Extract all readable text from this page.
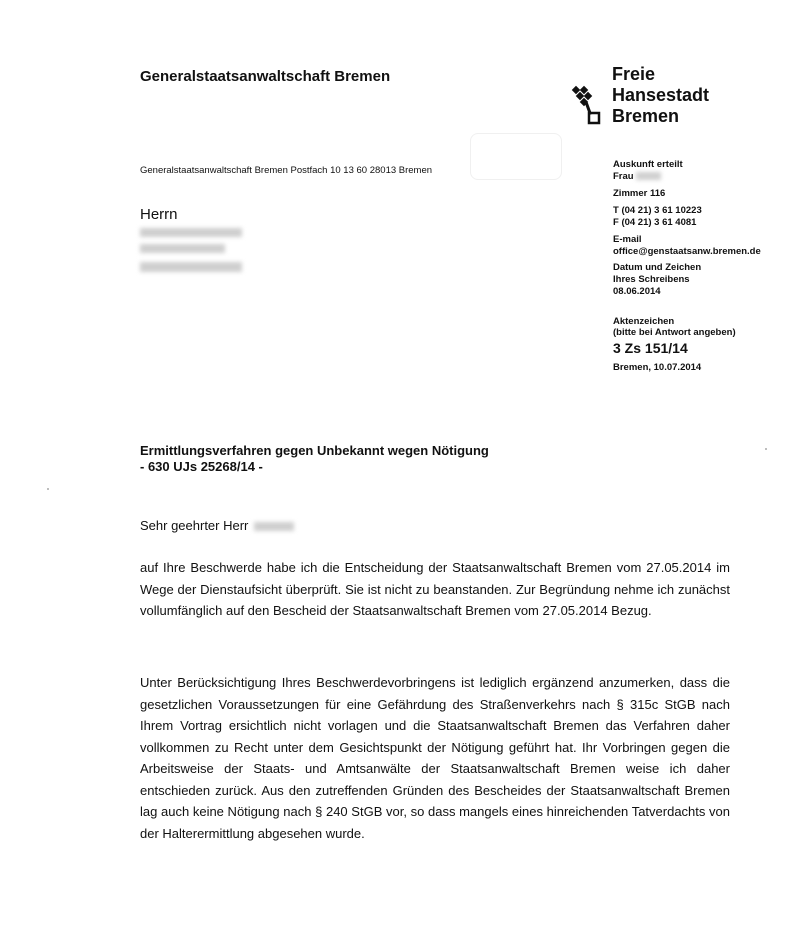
Generalstaatsanwaltschaft Bremen	Freie
Hansestadt
Bremen
Generalstaatsanwaltschaft Bremen Postfach 10 13 60 28013 Bremen
Herrn
Auskunft erteilt
Frau
Zimmer 116
T (04 21) 3 61 10223
F (04 21) 3 61 4081
E-mail
office@genstaatsanw.bremen.de
Datum und Zeichen
Ihres Schreibens
08.06.2014
Aktenzeichen
(bitte bei Antwort angeben)
3 Zs 151/14
Bremen, 10.07.2014
Ermittlungsverfahren gegen Unbekannt wegen Nötigung
- 630 UJs 25268/14 -
Sehr geehrter Herr
auf Ihre Beschwerde habe ich die Entscheidung der Staatsanwaltschaft Bremen vom 27.05.2014 im Wege der Dienstaufsicht überprüft. Sie ist nicht zu beanstanden. Zur Begründung nehme ich zunächst vollumfänglich auf den Bescheid der Staatsanwaltschaft Bremen vom 27.05.2014 Bezug.
Unter Berücksichtigung Ihres Beschwerdevorbringens ist lediglich ergänzend anzumerken, dass die gesetzlichen Voraussetzungen für eine Gefährdung des Straßenverkehrs nach § 315c StGB nach Ihrem Vortrag ersichtlich nicht vorlagen und die Staatsanwaltschaft Bremen das Verfahren daher vollkommen zu Recht unter dem Gesichtspunkt der Nötigung geführt hat. Ihr Vorbringen gegen die Arbeitsweise der Staats- und Amtsanwälte der Staatsanwaltschaft Bremen weise ich daher entschieden zurück. Aus den zutreffenden Gründen des Bescheides der Staatsanwaltschaft Bremen lag auch keine Nötigung nach § 240 StGB vor, so dass mangels eines hinreichenden Tatverdachts von der Halterermittlung abgesehen wurde.
